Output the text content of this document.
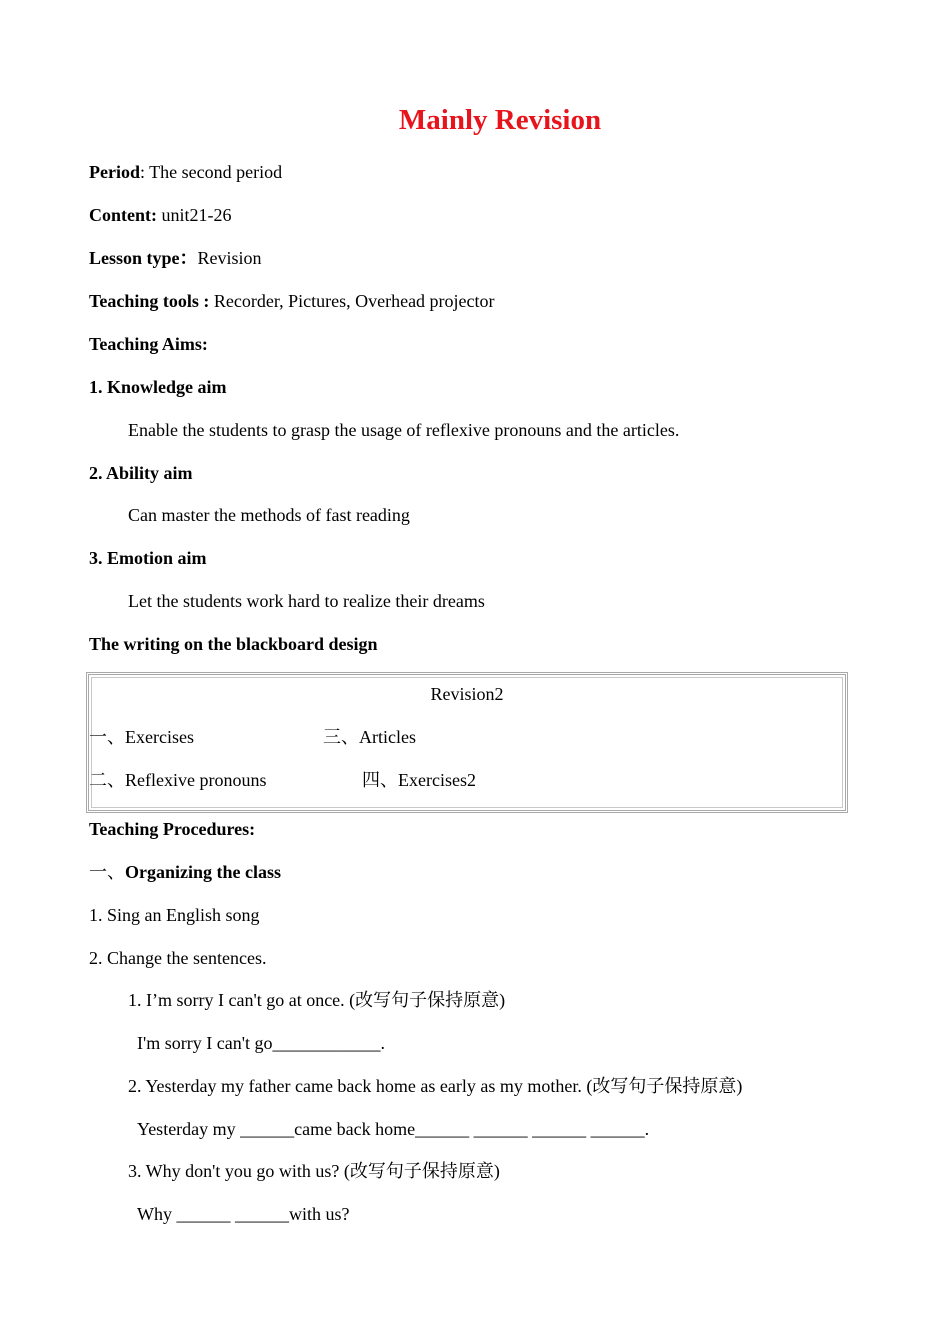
Mainly Revision
Period: The second period
Content: unit21-26
Lesson type：Revision
Teaching tools : Recorder, Pictures, Overhead projector
Teaching Aims:
1. Knowledge aim
Enable the students to grasp the usage of reflexive pronouns and the articles.
2. Ability aim
Can master the methods of fast reading
3. Emotion aim
Let the students work hard to realize their dreams
The writing on the blackboard design
Revision2
一、Exercises	三、Articles
二、Reflexive pronouns	四、Exercises2
Teaching Procedures:
一、Organizing the class
1. Sing an English song
2. Change the sentences.
1. I’m sorry I can't go at once. (改写句子保持原意)
I'm sorry I can't go____________.
2. Yesterday my father came back home as early as my mother. (改写句子保持原意)
Yesterday my ______came back home______ ______ ______ ______.
3. Why don't you go with us? (改写句子保持原意)
Why ______ ______with us?
